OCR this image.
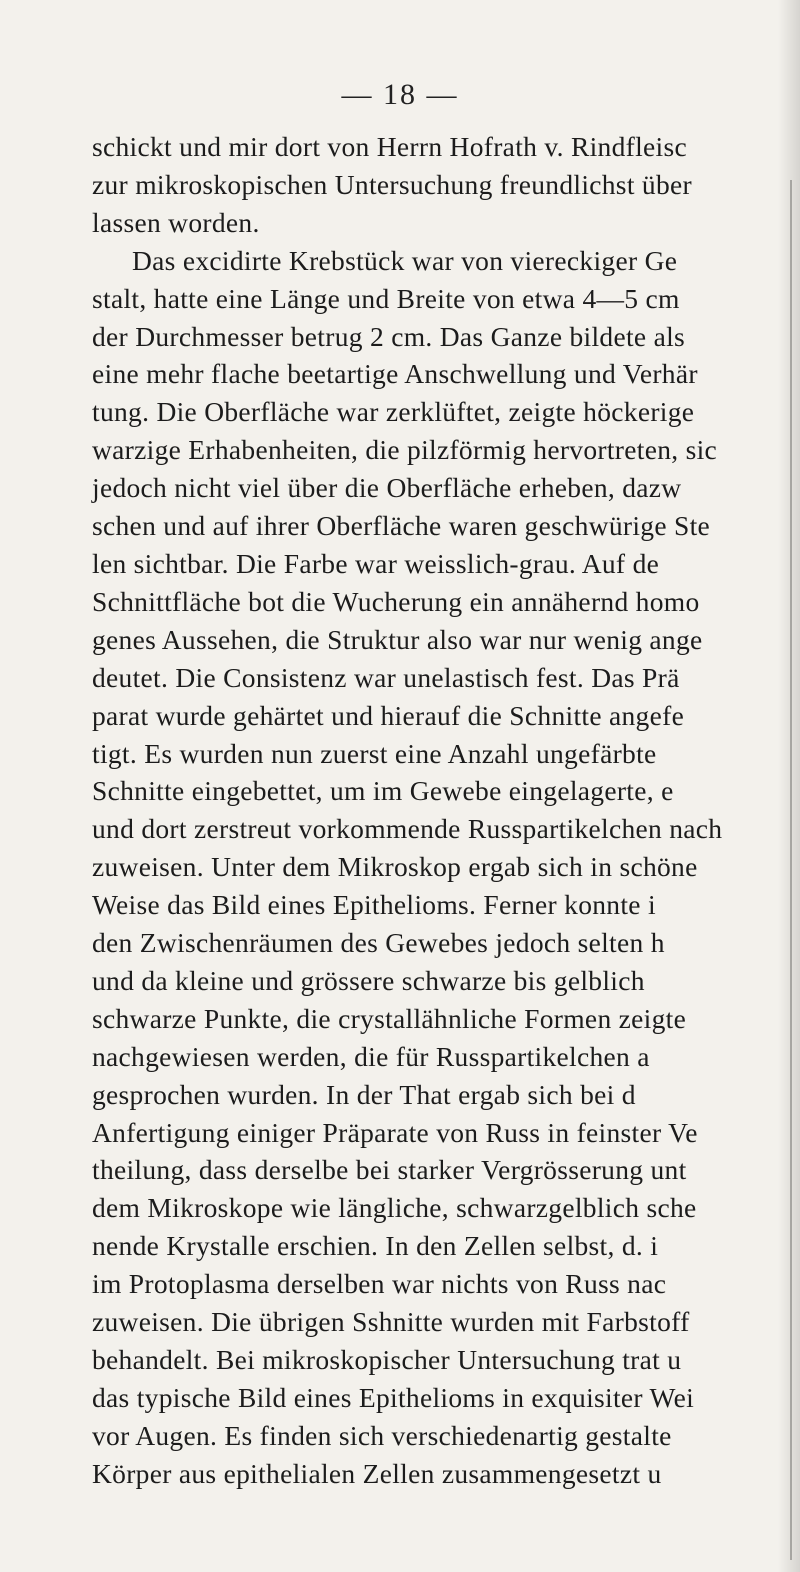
— 18 —
schickt und mir dort von Herrn Hofrath v. Rindfleisc
zur mikroskopischen Untersuchung freundlichst über
lassen worden.
Das excidirte Krebstück war von viereckiger Ge
stalt, hatte eine Länge und Breite von etwa 4—5 cm
der Durchmesser betrug 2 cm. Das Ganze bildete als
eine mehr flache beetartige Anschwellung und Verhär
tung. Die Oberfläche war zerklüftet, zeigte höckerige
warzige Erhabenheiten, die pilzförmig hervortreten, sic
jedoch nicht viel über die Oberfläche erheben, dazw
schen und auf ihrer Oberfläche waren geschwürige Ste
len sichtbar. Die Farbe war weisslich-grau. Auf de
Schnittfläche bot die Wucherung ein annähernd homo
genes Aussehen, die Struktur also war nur wenig ange
deutet. Die Consistenz war unelastisch fest. Das Prä
parat wurde gehärtet und hierauf die Schnitte angefe
tigt. Es wurden nun zuerst eine Anzahl ungefärbte
Schnitte eingebettet, um im Gewebe eingelagerte, e
und dort zerstreut vorkommende Russpartikelchen nach
zuweisen. Unter dem Mikroskop ergab sich in schöne
Weise das Bild eines Epithelioms. Ferner konnte i
den Zwischenräumen des Gewebes jedoch selten h
und da kleine und grössere schwarze bis gelblich
schwarze Punkte, die crystallähnliche Formen zeigte
nachgewiesen werden, die für Russpartikelchen a
gesprochen wurden. In der That ergab sich bei d
Anfertigung einiger Präparate von Russ in feinster Ve
theilung, dass derselbe bei starker Vergrösserung unt
dem Mikroskope wie längliche, schwarzgelblich sche
nende Krystalle erschien. In den Zellen selbst, d. i
im Protoplasma derselben war nichts von Russ nac
zuweisen. Die übrigen Sshnitte wurden mit Farbstoff
behandelt. Bei mikroskopischer Untersuchung trat u
das typische Bild eines Epithelioms in exquisiter Wei
vor Augen. Es finden sich verschiedenartig gestalte
Körper aus epithelialen Zellen zusammengesetzt u
